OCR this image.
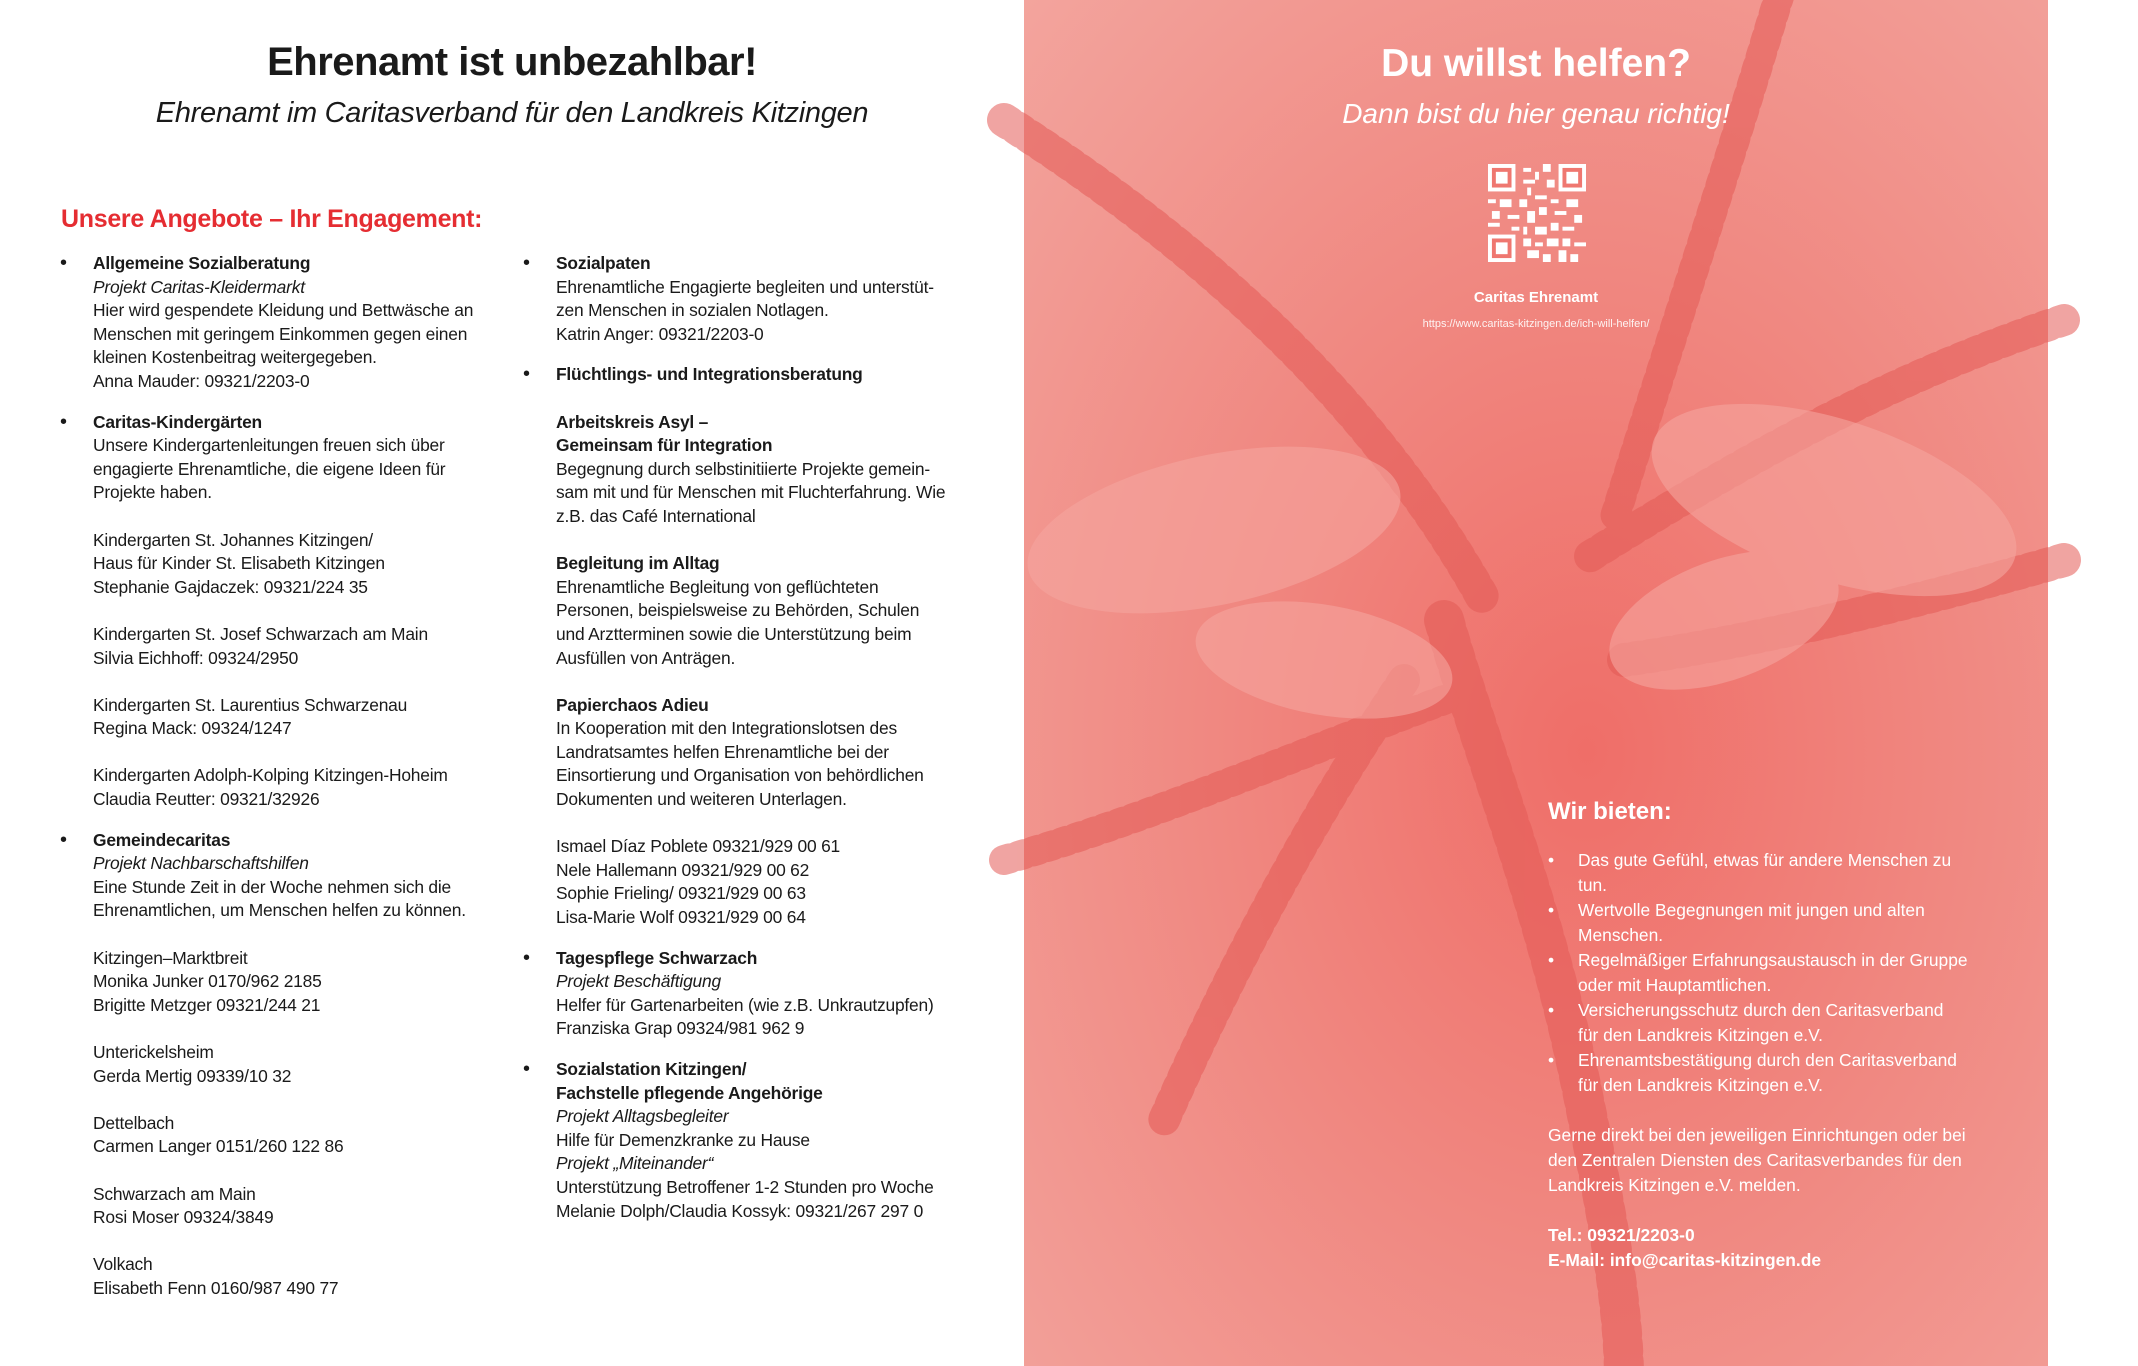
Ehrenamt ist unbezahlbar!
Ehrenamt im Caritasverband für den Landkreis Kitzingen
Unsere Angebote – Ihr Engagement:
• Allgemeine Sozialberatung
Projekt Caritas-Kleidermarkt
Hier wird gespendete Kleidung und Bettwäsche an
Menschen mit geringem Einkommen gegen einen
kleinen Kostenbeitrag weitergegeben.
Anna Mauder: 09321/2203-0
• Caritas-Kindergärten
Unsere Kindergartenleitungen freuen sich über
engagierte Ehrenamtliche, die eigene Ideen für
Projekte haben.
Kindergarten St. Johannes Kitzingen/
Haus für Kinder St. Elisabeth Kitzingen
Stephanie Gajdaczek: 09321/224 35
Kindergarten St. Josef Schwarzach am Main
Silvia Eichhoff: 09324/2950
Kindergarten St. Laurentius Schwarzenau
Regina Mack: 09324/1247
Kindergarten Adolph-Kolping Kitzingen-Hoheim
Claudia Reutter: 09321/32926
• Gemeindecaritas
Projekt Nachbarschaftshilfen
Eine Stunde Zeit in der Woche nehmen sich die
Ehrenamtlichen, um Menschen helfen zu können.
Kitzingen–Marktbreit
Monika Junker 0170/962 2185
Brigitte Metzger 09321/244 21
Unterickelsheim
Gerda Mertig 09339/10 32
Dettelbach
Carmen Langer 0151/260 122 86
Schwarzach am Main
Rosi Moser 09324/3849
Volkach
Elisabeth Fenn 0160/987 490 77
• Sozialpaten
Ehrenamtliche Engagierte begleiten und unterstüt-
zen Menschen in sozialen Notlagen.
Katrin Anger: 09321/2203-0
• Flüchtlings- und Integrationsberatung
Arbeitskreis Asyl –
Gemeinsam für Integration
Begegnung durch selbstinitiierte Projekte gemein-
sam mit und für Menschen mit Fluchterfahrung. Wie
z.B. das Café International
Begleitung im Alltag
Ehrenamtliche Begleitung von geflüchteten
Personen, beispielsweise zu Behörden, Schulen
und Arztterminen sowie die Unterstützung beim
Ausfüllen von Anträgen.
Papierchaos Adieu
In Kooperation mit den Integrationslotsen des
Landratsamtes helfen Ehrenamtliche bei der
Einsortierung und Organisation von behördlichen
Dokumenten und weiteren Unterlagen.
Ismael Díaz Poblete 09321/929 00 61
Nele Hallemann 09321/929 00 62
Sophie Frieling/ 09321/929 00 63
Lisa-Marie Wolf 09321/929 00 64
• Tagespflege Schwarzach
Projekt Beschäftigung
Helfer für Gartenarbeiten (wie z.B. Unkrautzupfen)
Franziska Grap 09324/981 962 9
• Sozialstation Kitzingen/
Fachstelle pflegende Angehörige
Projekt Alltagsbegleiter
Hilfe für Demenzkranke zu Hause
Projekt „Miteinander“
Unterstützung Betroffener 1-2 Stunden pro Woche
Melanie Dolph/Claudia Kossyk: 09321/267 297 0
Du willst helfen?
Dann bist du hier genau richtig!
Caritas Ehrenamt
https://www.caritas-kitzingen.de/ich-will-helfen/
Foto: Adobe Stock
Wir bieten:
• Das gute Gefühl, etwas für andere Menschen zu
tun.
• Wertvolle Begegnungen mit jungen und alten
Menschen.
• Regelmäßiger Erfahrungsaustausch in der Gruppe
oder mit Hauptamtlichen.
• Versicherungsschutz durch den Caritasverband
für den Landkreis Kitzingen e.V.
• Ehrenamtsbestätigung durch den Caritasverband
für den Landkreis Kitzingen e.V.
Gerne direkt bei den jeweiligen Einrichtungen oder bei
den Zentralen Diensten des Caritasverbandes für den
Landkreis Kitzingen e.V. melden.
Tel.: 09321/2203-0
E-Mail: info@caritas-kitzingen.de
